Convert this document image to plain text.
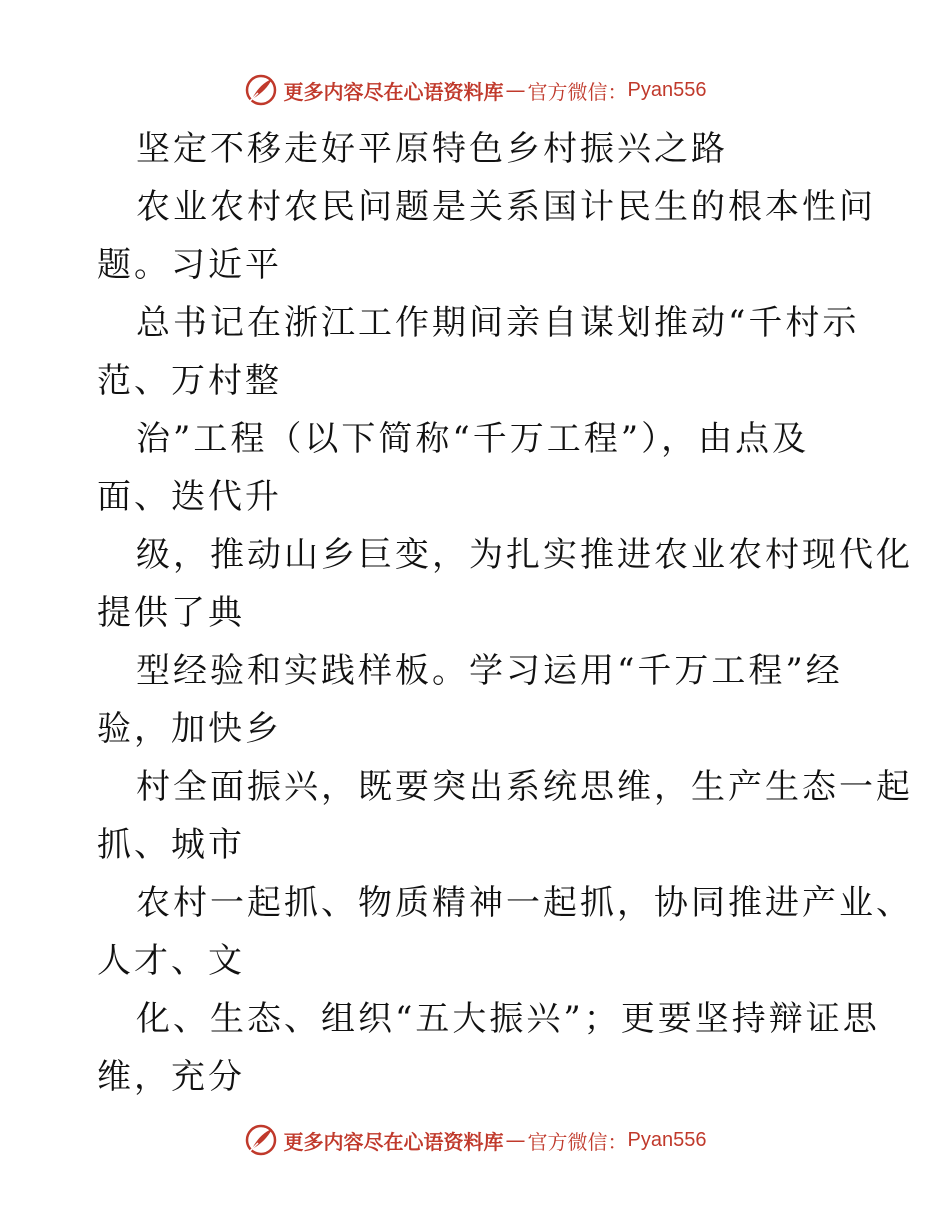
更多内容尽在心语资料库 — 官方微信： Pyan556
坚定不移走好平原特色乡村振兴之路
农业农村农民问题是关系国计民生的根本性问
题。习近平
总书记在浙江工作期间亲自谋划推动“千村示
范、万村整
治”工程（以下简称“千万工程”），由点及
面、迭代升
级，推动山乡巨变，为扎实推进农业农村现代化
提供了典
型经验和实践样板。学习运用“千万工程”经
验，加快乡
村全面振兴，既要突出系统思维，生产生态一起
抓、城市
农村一起抓、物质精神一起抓，协同推进产业、
人才、文
化、生态、组织“五大振兴”；更要坚持辩证思
维，充分
更多内容尽在心语资料库 — 官方微信： Pyan556
